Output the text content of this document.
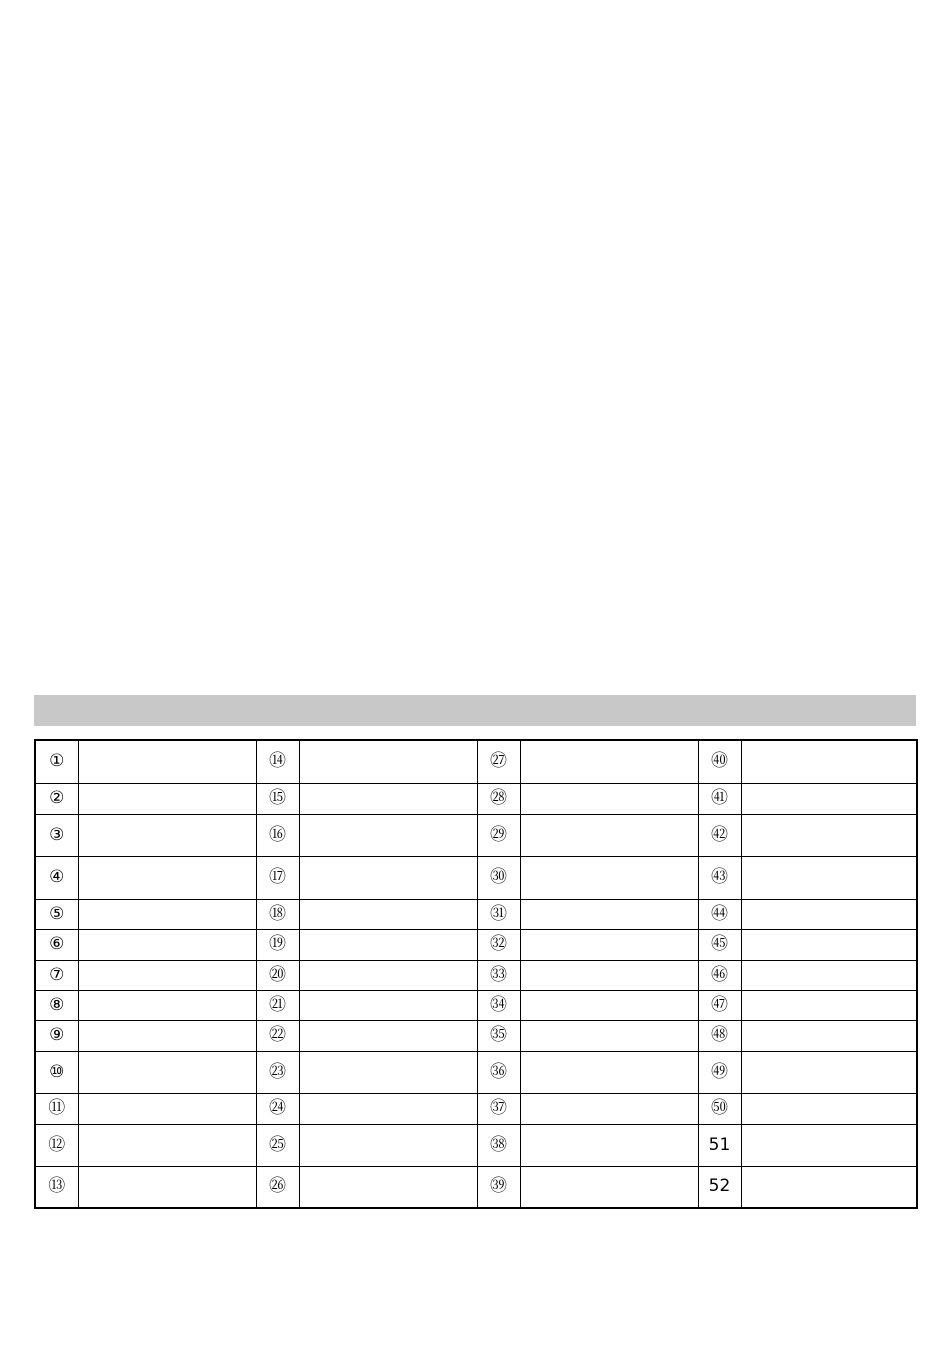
①		⑭		㉗		㊵	
②		⑮		㉘		㊶	
③		⑯		㉙		㊷	
④		⑰		㉚		㊸	
⑤		⑱		㉛		㊹	
⑥		⑲		㉜		㊺	
⑦		⑳		㉝		㊻	
⑧		㉑		㉞		㊼	
⑨		㉒		㉟		㊽	
⑩		㉓		㊱		㊾	
⑪		㉔		㊲		㊿	
⑫		㉕		㊳		51	
⑬		㉖		㊴		52	
